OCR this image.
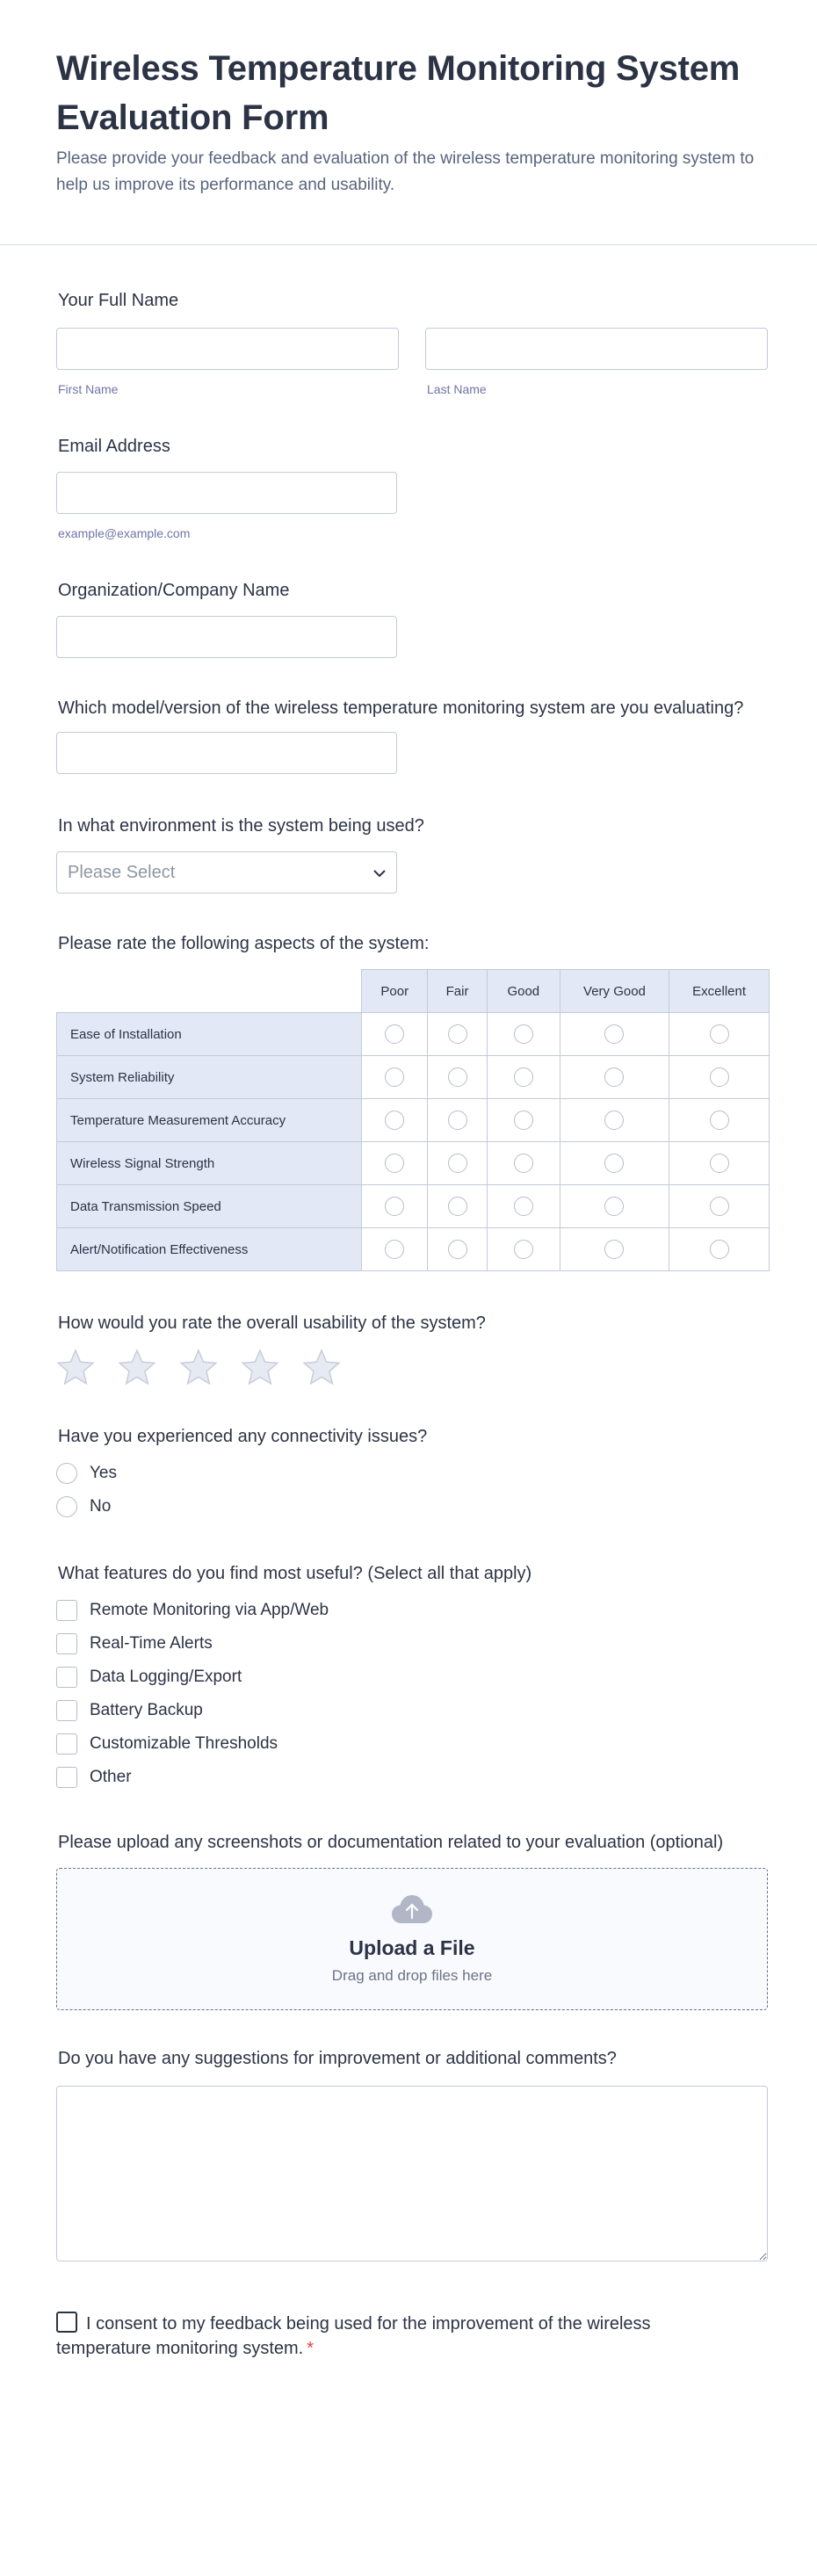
Wireless Temperature Monitoring System Evaluation Form

Please provide your feedback and evaluation of the wireless temperature monitoring system to help us improve its performance and usability.

Your Full Name

First Name	Last Name

Email Address

example@example.com

Organization/Company Name

Which model/version of the wireless temperature monitoring system are you evaluating?

In what environment is the system being used?

Please Select

Please rate the following aspects of the system:

	Poor	Fair	Good	Very Good	Excellent
Ease of Installation					
System Reliability					
Temperature Measurement Accuracy					
Wireless Signal Strength					
Data Transmission Speed					
Alert/Notification Effectiveness					

How would you rate the overall usability of the system?

Have you experienced any connectivity issues?

Yes
No

What features do you find most useful? (Select all that apply)

Remote Monitoring via App/Web
Real-Time Alerts
Data Logging/Export
Battery Backup
Customizable Thresholds
Other

Please upload any screenshots or documentation related to your evaluation (optional)

Upload a File
Drag and drop files here

Do you have any suggestions for improvement or additional comments?

I consent to my feedback being used for the improvement of the wireless temperature monitoring system. *
